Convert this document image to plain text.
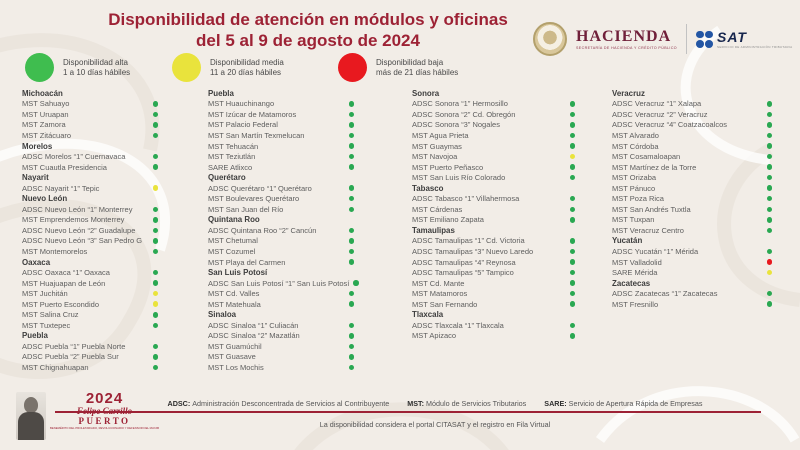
Disponibilidad de atención en módulos y oficinas
del 5 al 9 de agosto de 2024	HACIENDA
SECRETARÍA DE HACIENDA Y CRÉDITO PÚBLICO
SAT
SERVICIO DE ADMINISTRACIÓN TRIBUTARIA
Disponibilidad alta
1 a 10 días hábiles
Disponibilidad media
11 a 20 días hábiles
Disponibilidad baja
más de 21 días hábiles
Michoacán
MST Sahuayo
MST Uruapan
MST Zamora
MST Zitácuaro
Morelos
ADSC Morelos “1” Cuernavaca
MST Cuautla Presidencia
Nayarit
ADSC Nayarit “1” Tepic
Nuevo León
ADSC Nuevo León “1” Monterrey
MST Emprendemos Monterrey
ADSC Nuevo León “2” Guadalupe
ADSC Nuevo León “3” San Pedro G
MST Montemorelos
Oaxaca
ADSC Oaxaca “1” Oaxaca
MST Huajuapan de León
MST Juchitán
MST Puerto Escondido
MST Salina Cruz
MST Tuxtepec
Puebla
ADSC Puebla “1” Puebla Norte
ADSC Puebla “2” Puebla Sur
MST Chignahuapan
Puebla
MST Huauchinango
MST Izúcar de Matamoros
MST Palacio Federal
MST San Martín Texmelucan
MST Tehuacán
MST Teziutlán
SARE Atlixco
Querétaro
ADSC Querétaro “1” Querétaro
MST Boulevares Querétaro
MST San Juan del Río
Quintana Roo
ADSC Quintana Roo “2” Cancún
MST Chetumal
MST Cozumel
MST Playa del Carmen
San Luis Potosí
ADSC San Luis Potosí “1” San Luis Potosí
MST Cd. Valles
MST Matehuala
Sinaloa
ADSC Sinaloa “1” Culiacán
ADSC Sinaloa “2” Mazatlán
MST Guamúchil
MST Guasave
MST Los Mochis
Sonora
ADSC Sonora “1” Hermosillo
ADSC Sonora “2” Cd. Obregón
ADSC Sonora “3” Nogales
MST Agua Prieta
MST Guaymas
MST Navojoa
MST Puerto Peñasco
MST San Luis Río Colorado
Tabasco
ADSC Tabasco “1” Villahermosa
MST Cárdenas
MST Emiliano Zapata
Tamaulipas
ADSC Tamaulipas “1” Cd. Victoria
ADSC Tamaulipas “3” Nuevo Laredo
ADSC Tamaulipas “4” Reynosa
ADSC Tamaulipas “5” Tampico
MST Cd. Mante
MST Matamoros
MST San Fernando
Tlaxcala
ADSC Tlaxcala “1” Tlaxcala
MST Apizaco
Veracruz
ADSC Veracruz “1” Xalapa
ADSC Veracruz “2” Veracruz
ADSC Veracruz “4” Coatzacoalcos
MST Alvarado
MST Córdoba
MST Cosamaloapan
MST Martínez de la Torre
MST Orizaba
MST Pánuco
MST Poza Rica
MST San Andrés Tuxtla
MST Tuxpan
MST Veracruz Centro
Yucatán
ADSC Yucatán “1” Mérida
MST Valladolid
SARE Mérida
Zacatecas
ADSC Zacatecas “1” Zacatecas
MST Fresnillo
ADSC: Administración Desconcentrada de Servicios al Contribuyente	MST: Módulo de Servicios Tributarios	SARE: Servicio de Apertura Rápida de Empresas
La disponibilidad considera el portal CITASAT y el registro en Fila Virtual
2024
Felipe Carrillo
PUERTO
BENEMÉRITO DEL PROLETARIADO, REVOLUCIONARIO Y DEFENSOR DEL MAYAB
